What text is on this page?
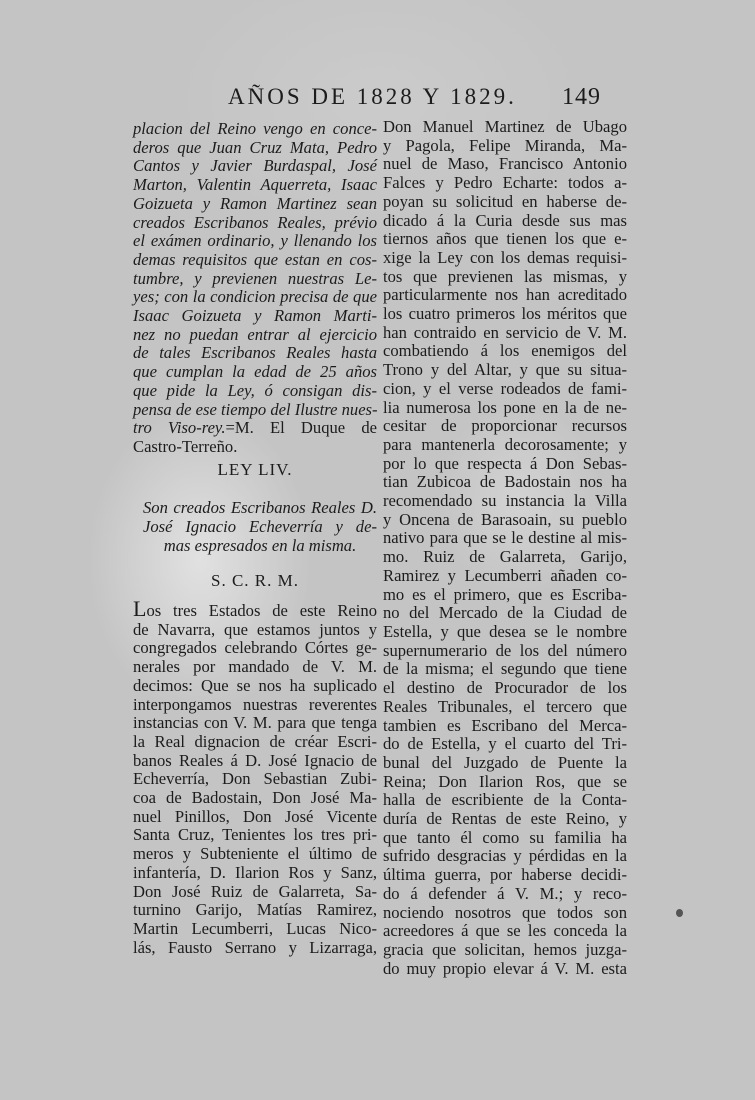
AÑOS DE 1828 Y 1829. 149
placion del Reino vengo en conce-
deros que Juan Cruz Mata, Pedro
Cantos y Javier Burdaspal, José
Marton, Valentin Aquerreta, Isaac
Goizueta y Ramon Martinez sean
creados Escribanos Reales, prévio
el exámen ordinario, y llenando los
demas requisitos que estan en cos-
tumbre, y previenen nuestras Le-
yes; con la condicion precisa de que
Isaac Goizueta y Ramon Marti-
nez no puedan entrar al ejercicio
de tales Escribanos Reales hasta
que cumplan la edad de 25 años
que pide la Ley, ó consigan dis-
pensa de ese tiempo del Ilustre nues-
tro Viso-rey.=M. El Duque de
Castro-Terreño.
LEY LIV.
Son creados Escribanos Reales D.
José Ignacio Echeverría y de-
mas espresados en la misma.
S. C. R. M.
Los tres Estados de este Reino
de Navarra, que estamos juntos y
congregados celebrando Córtes ge-
nerales por mandado de V. M.
decimos: Que se nos ha suplicado
interpongamos nuestras reverentes
instancias con V. M. para que tenga
la Real dignacion de créar Escri-
banos Reales á D. José Ignacio de
Echeverría, Don Sebastian Zubi-
coa de Badostain, Don José Ma-
nuel Pinillos, Don José Vicente
Santa Cruz, Tenientes los tres pri-
meros y Subteniente el último de
infantería, D. Ilarion Ros y Sanz,
Don José Ruiz de Galarreta, Sa-
turnino Garijo, Matías Ramirez,
Martin Lecumberri, Lucas Nico-
lás, Fausto Serrano y Lizarraga,
Don Manuel Martinez de Ubago
y Pagola, Felipe Miranda, Ma-
nuel de Maso, Francisco Antonio
Falces y Pedro Echarte: todos a-
poyan su solicitud en haberse de-
dicado á la Curia desde sus mas
tiernos años que tienen los que e-
xige la Ley con los demas requisi-
tos que previenen las mismas, y
particularmente nos han acreditado
los cuatro primeros los méritos que
han contraido en servicio de V. M.
combatiendo á los enemigos del
Trono y del Altar, y que su situa-
cion, y el verse rodeados de fami-
lia numerosa los pone en la de ne-
cesitar de proporcionar recursos
para mantenerla decorosamente; y
por lo que respecta á Don Sebas-
tian Zubicoa de Badostain nos ha
recomendado su instancia la Villa
y Oncena de Barasoain, su pueblo
nativo para que se le destine al mis-
mo. Ruiz de Galarreta, Garijo,
Ramirez y Lecumberri añaden co-
mo es el primero, que es Escriba-
no del Mercado de la Ciudad de
Estella, y que desea se le nombre
supernumerario de los del número
de la misma; el segundo que tiene
el destino de Procurador de los
Reales Tribunales, el tercero que
tambien es Escribano del Merca-
do de Estella, y el cuarto del Tri-
bunal del Juzgado de Puente la
Reina; Don Ilarion Ros, que se
halla de escribiente de la Conta-
duría de Rentas de este Reino, y
que tanto él como su familia ha
sufrido desgracias y pérdidas en la
última guerra, por haberse decidi-
do á defender á V. M.; y reco-
nociendo nosotros que todos son
acreedores á que se les conceda la
gracia que solicitan, hemos juzga-
do muy propio elevar á V. M. esta
